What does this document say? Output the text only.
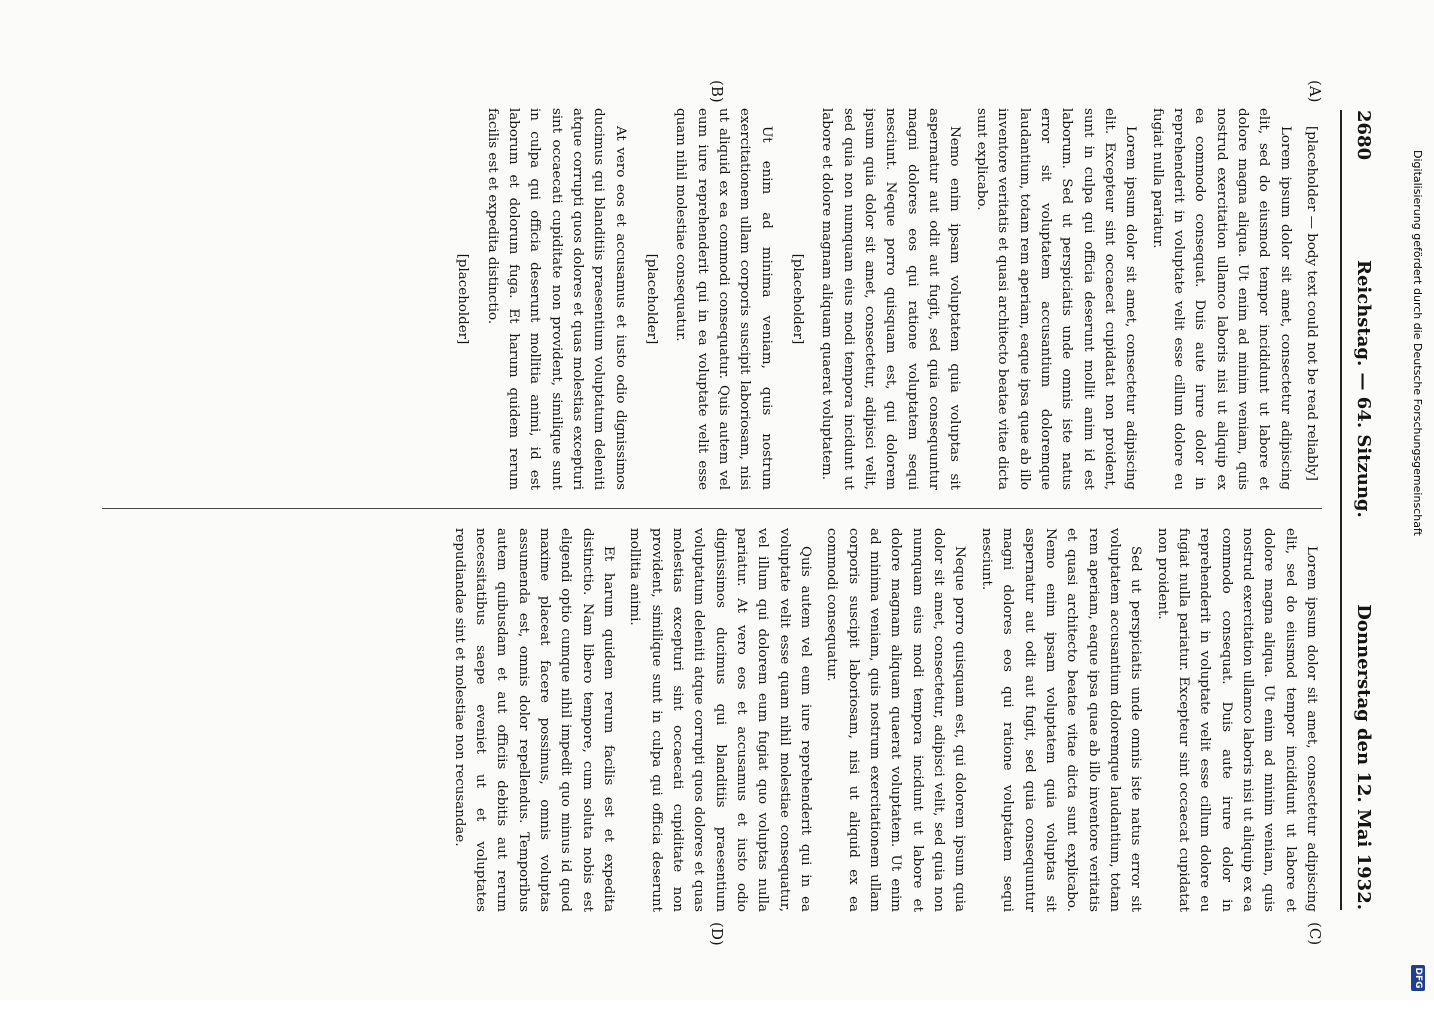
2680
Reichstag. — 64. Sitzung.
Donnerstag den 12. Mai 1932.
(A)
(B)
(C)
(D)

[placeholder — body text could not be read reliably]

Lorem ipsum dolor sit amet, consectetur adipiscing elit, sed do eiusmod tempor incididunt ut labore et dolore magna aliqua. Ut enim ad minim veniam, quis nostrud exercitation ullamco laboris nisi ut aliquip ex ea commodo consequat. Duis aute irure dolor in reprehenderit in voluptate velit esse cillum dolore eu fugiat nulla pariatur.

Lorem ipsum dolor sit amet, consectetur adipiscing elit. Excepteur sint occaecat cupidatat non proident, sunt in culpa qui officia deserunt mollit anim id est laborum. Sed ut perspiciatis unde omnis iste natus error sit voluptatem accusantium doloremque laudantium, totam rem aperiam, eaque ipsa quae ab illo inventore veritatis et quasi architecto beatae vitae dicta sunt explicabo.

Nemo enim ipsam voluptatem quia voluptas sit aspernatur aut odit aut fugit, sed quia consequuntur magni dolores eos qui ratione voluptatem sequi nesciunt. Neque porro quisquam est, qui dolorem ipsum quia dolor sit amet, consectetur, adipisci velit, sed quia non numquam eius modi tempora incidunt ut labore et dolore magnam aliquam quaerat voluptatem.

[placeholder]

Ut enim ad minima veniam, quis nostrum exercitationem ullam corporis suscipit laboriosam, nisi ut aliquid ex ea commodi consequatur. Quis autem vel eum iure reprehenderit qui in ea voluptate velit esse quam nihil molestiae consequatur.

[placeholder]

At vero eos et accusamus et iusto odio dignissimos ducimus qui blanditiis praesentium voluptatum deleniti atque corrupti quos dolores et quas molestias excepturi sint occaecati cupiditate non provident, similique sunt in culpa qui officia deserunt mollitia animi, id est laborum et dolorum fuga. Et harum quidem rerum facilis est et expedita distinctio.

[placeholder]

Lorem ipsum dolor sit amet, consectetur adipiscing elit, sed do eiusmod tempor incididunt ut labore et dolore magna aliqua. Ut enim ad minim veniam, quis nostrud exercitation ullamco laboris nisi ut aliquip ex ea commodo consequat. Duis aute irure dolor in reprehenderit in voluptate velit esse cillum dolore eu fugiat nulla pariatur. Excepteur sint occaecat cupidatat non proident.

Sed ut perspiciatis unde omnis iste natus error sit voluptatem accusantium doloremque laudantium, totam rem aperiam, eaque ipsa quae ab illo inventore veritatis et quasi architecto beatae vitae dicta sunt explicabo. Nemo enim ipsam voluptatem quia voluptas sit aspernatur aut odit aut fugit, sed quia consequuntur magni dolores eos qui ratione voluptatem sequi nesciunt.

Neque porro quisquam est, qui dolorem ipsum quia dolor sit amet, consectetur, adipisci velit, sed quia non numquam eius modi tempora incidunt ut labore et dolore magnam aliquam quaerat voluptatem. Ut enim ad minima veniam, quis nostrum exercitationem ullam corporis suscipit laboriosam, nisi ut aliquid ex ea commodi consequatur.

Quis autem vel eum iure reprehenderit qui in ea voluptate velit esse quam nihil molestiae consequatur, vel illum qui dolorem eum fugiat quo voluptas nulla pariatur. At vero eos et accusamus et iusto odio dignissimos ducimus qui blanditiis praesentium voluptatum deleniti atque corrupti quos dolores et quas molestias excepturi sint occaecati cupiditate non provident, similique sunt in culpa qui officia deserunt mollitia animi.

Et harum quidem rerum facilis est et expedita distinctio. Nam libero tempore, cum soluta nobis est eligendi optio cumque nihil impedit quo minus id quod maxime placeat facere possimus, omnis voluptas assumenda est, omnis dolor repellendus. Temporibus autem quibusdam et aut officiis debitis aut rerum necessitatibus saepe eveniet ut et voluptates repudiandae sint et molestiae non recusandae.

Digitalisierung gefördert durch die Deutsche Forschungsgemeinschaft
DFG
